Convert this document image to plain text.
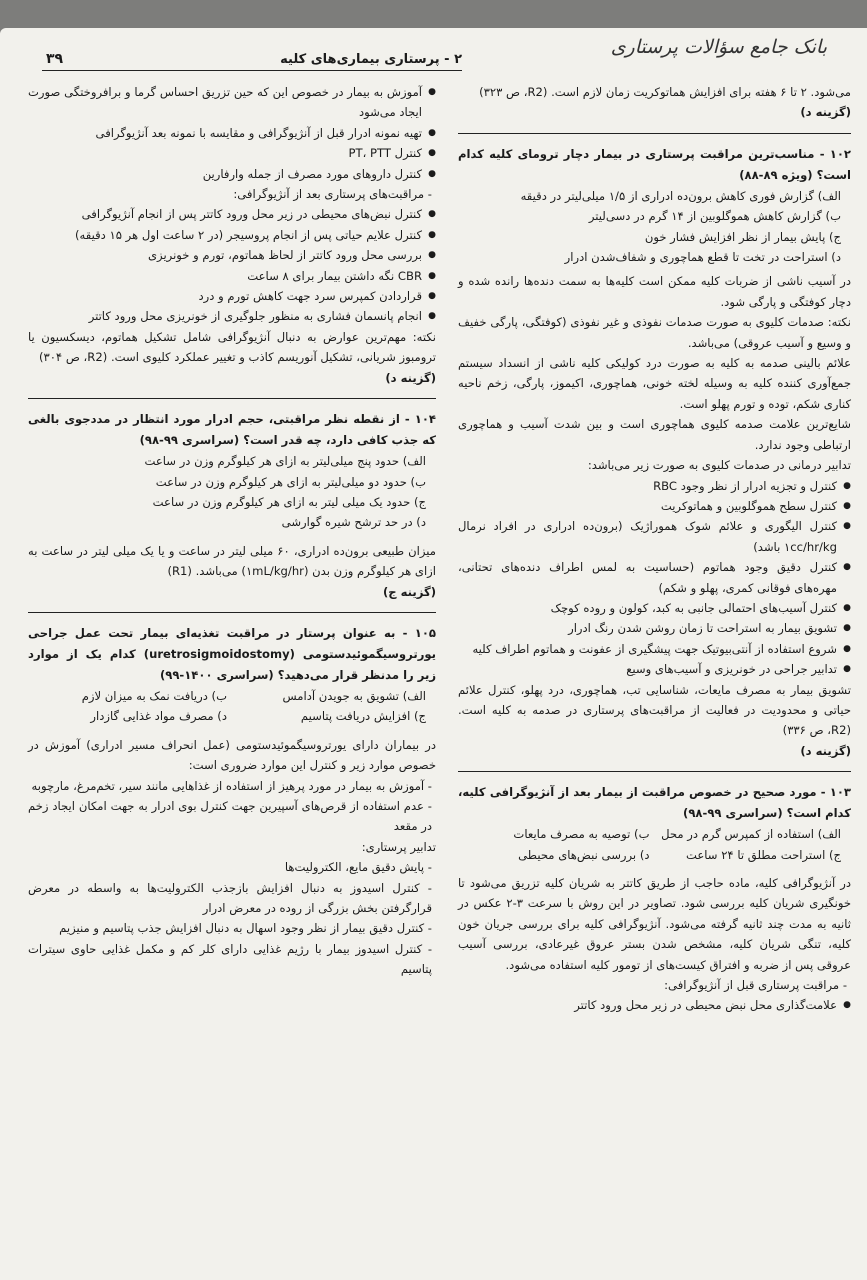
بانک جامع سؤالات پرستاری
۳۹	۲ - پرستاری بیماری‌های کلیه

می‌شود. ۲ تا ۶ هفته برای افزایش هماتوکریت زمان لازم است. (R2، ص ۳۲۳)

(گزینه د)

۱۰۲ - مناسب‌ترین مراقبت پرستاری در بیمار دچار ترومای کلیه کدام است؟ (ویژه ۸۹-۸۸)

الف) گزارش فوری کاهش برون‌ده ادراری از ۱/۵ میلی‌لیتر در دقیقه

ب) گزارش کاهش هموگلوبین از ۱۴ گرم در دسی‌لیتر

ج) پایش بیمار از نظر افزایش فشار خون

د) استراحت در تخت تا قطع هماچوری و شفاف‌شدن ادرار

در آسیب ناشی از ضربات کلیه ممکن است کلیه‌ها به سمت دنده‌ها رانده شده و دچار کوفتگی و پارگی شود.

نکته: صدمات کلیوی به صورت صدمات نفوذی و غیر نفوذی (کوفتگی، پارگی خفیف و وسیع و آسیب عروقی) می‌باشد.

علائم بالینی صدمه به کلیه به صورت درد کولیکی کلیه ناشی از انسداد سیستم جمع‌آوری کننده کلیه به وسیله لخته خونی، هماچوری، اکیموز، پارگی، زخم ناحیه کناری شکم، توده و تورم پهلو است.

شایع‌ترین علامت صدمه کلیوی هماچوری است و بین شدت آسیب و هماچوری ارتباطی وجود ندارد.

تدابیر درمانی در صدمات کلیوی به صورت زیر می‌باشد:

● کنترل و تجزیه ادرار از نظر وجود RBC

● کنترل سطح هموگلوبین و هماتوکریت

● کنترل الیگوری و علائم شوک هموراژیک (برون‌ده ادراری در افراد نرمال ۱cc/hr/kg باشد)

● کنترل دقیق وجود هماتوم (حساسیت به لمس اطراف دنده‌های تحتانی، مهره‌های فوقانی کمری، پهلو و شکم)

● کنترل آسیب‌های احتمالی جانبی به کبد، کولون و روده کوچک

● تشویق بیمار به استراحت تا زمان روشن شدن رنگ ادرار

● شروع استفاده از آنتی‌بیوتیک جهت پیشگیری از عفونت و هماتوم اطراف کلیه

● تدابیر جراحی در خونریزی و آسیب‌های وسیع

تشویق بیمار به مصرف مایعات، شناسایی تب، هماچوری، درد پهلو، کنترل علائم حیاتی و محدودیت در فعالیت از مراقبت‌های پرستاری در صدمه به کلیه است. (R2، ص ۳۳۶)

(گزینه د)

۱۰۳ - مورد صحیح در خصوص مراقبت از بیمار بعد از آنژیوگرافی کلیه، کدام است؟ (سراسری ۹۹-۹۸)

الف) استفاده از کمپرس گرم در محل
ب) توصیه به مصرف مایعات
ج) استراحت مطلق تا ۲۴ ساعت
د) بررسی نبض‌های محیطی

در آنژیوگرافی کلیه، ماده حاجب از طریق کاتتر به شریان کلیه تزریق می‌شود تا خونگیری شریان کلیه بررسی شود. تصاویر در این روش با سرعت ۳-۲ عکس در ثانیه به مدت چند ثانیه گرفته می‌شود. آنژیوگرافی کلیه برای بررسی جریان خون کلیه، تنگی شریان کلیه، مشخص شدن بستر عروق غیرعادی، بررسی آسیب عروقی پس از ضربه و افتراق کیست‌های از تومور کلیه استفاده می‌شود.

- مراقبت پرستاری قبل از آنژیوگرافی:

● علامت‌گذاری محل نبض محیطی در زیر محل ورود کاتتر

● آموزش به بیمار در خصوص این که حین تزریق احساس گرما و برافروختگی صورت ایجاد می‌شود

● تهیه نمونه ادرار قبل از آنژیوگرافی و مقایسه با نمونه بعد آنژیوگرافی

● کنترل PT، PTT

● کنترل داروهای مورد مصرف از جمله وارفارین

- مراقبت‌های پرستاری بعد از آنژیوگرافی:

● کنترل نبض‌های محیطی در زیر محل ورود کاتتر پس از انجام آنژیوگرافی

● کنترل علایم حیاتی پس از انجام پروسیجر (در ۲ ساعت اول هر ۱۵ دقیقه)

● بررسی محل ورود کاتتر از لحاظ هماتوم، تورم و خونریزی

● CBR نگه داشتن بیمار برای ۸ ساعت

● قراردادن کمپرس سرد جهت کاهش تورم و درد

● انجام پانسمان فشاری به منظور جلوگیری از خونریزی محل ورود کاتتر

نکته: مهم‌ترین عوارض به دنبال آنژیوگرافی شامل تشکیل هماتوم، دیسکسیون یا ترومبوز شریانی، تشکیل آنوریسم کاذب و تغییر عملکرد کلیوی است. (R2، ص ۳۰۴)

(گزینه د)

۱۰۴ - از نقطه نظر مراقبتی، حجم ادرار مورد انتظار در مددجوی بالغی که جذب کافی دارد، چه قدر است؟ (سراسری ۹۹-۹۸)

الف) حدود پنج میلی‌لیتر به ازای هر کیلوگرم وزن در ساعت

ب) حدود دو میلی‌لیتر به ازای هر کیلوگرم وزن در ساعت

ج) حدود یک میلی لیتر به ازای هر کیلوگرم وزن در ساعت

د) در حد ترشح شیره گوارشی

میزان طبیعی برون‌ده ادراری، ۶۰ میلی لیتر در ساعت و یا یک میلی لیتر در ساعت به ازای هر کیلوگرم وزن بدن (۱mL/kg/hr) می‌باشد. (R1)

(گزینه ج)

۱۰۵ - به عنوان پرستار در مراقبت تغذیه‌ای بیمار تحت عمل جراحی یورتروسیگموئیدستومی (uretrosigmoidostomy) کدام یک از موارد زیر را مدنظر قرار می‌دهید؟ (سراسری ۱۴۰۰-۹۹)

الف) تشویق به جویدن آدامس
ب) دریافت نمک به میزان لازم
ج) افزایش دریافت پتاسیم
د) مصرف مواد غذایی گازدار

در بیماران دارای یورتروسیگموئیدستومی (عمل انحراف مسیر ادراری) آموزش در خصوص موارد زیر و کنترل این موارد ضروری است:

- آموزش به بیمار در مورد پرهیز از استفاده از غذاهایی مانند سیر، تخم‌مرغ، مارچوبه

- عدم استفاده از قرص‌های آسپیرین جهت کنترل بوی ادرار به جهت امکان ایجاد زخم در مقعد

تدابیر پرستاری:

- پایش دقیق مایع، الکترولیت‌ها

- کنترل اسیدوز به دنبال افزایش بازجذب الکترولیت‌ها به واسطه در معرض قرارگرفتن بخش بزرگی از روده در معرض ادرار

- کنترل دقیق بیمار از نظر وجود اسهال به دنبال افزایش جذب پتاسیم و منیزیم

- کنترل اسیدوز بیمار با رژیم غذایی دارای کلر کم و مکمل غذایی حاوی سیترات پتاسیم
